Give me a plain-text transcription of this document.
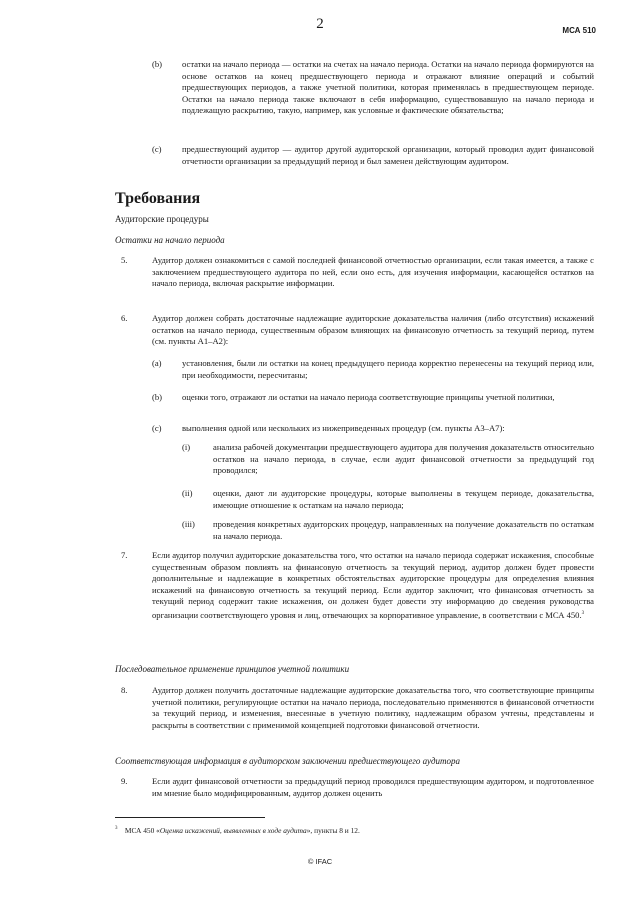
2	МСА 510
(b) остатки на начало периода — остатки на счетах на начало периода. Остатки на начало периода формируются на основе остатков на конец предшествующего периода и отражают влияние операций и событий предшествующих периодов, а также учетной политики, которая применялась в предшествующем периоде. Остатки на начало периода также включают в себя информацию, существовавшую на начало периода и подлежащую раскрытию, такую, например, как условные и фактические обязательства;
(c) предшествующий аудитор — аудитор другой аудиторской организации, который проводил аудит финансовой отчетности организации за предыдущий период и был заменен действующим аудитором.
Требования
Аудиторские процедуры
Остатки на начало периода
5.	Аудитор должен ознакомиться с самой последней финансовой отчетностью организации, если такая имеется, а также с заключением предшествующего аудитора по ней, если оно есть, для изучения информации, касающейся остатков на начало периода, включая раскрытие информации.
6.	Аудитор должен собрать достаточные надлежащие аудиторские доказательства наличия (либо отсутствия) искажений остатков на начало периода, существенным образом влияющих на финансовую отчетность за текущий период, путем (см. пункты А1–А2):
(a) установления, были ли остатки на конец предыдущего периода корректно перенесены на текущий период или, при необходимости, пересчитаны;
(b) оценки того, отражают ли остатки на начало периода соответствующие принципы учетной политики,
(c) выполнения одной или нескольких из нижеприведенных процедур (см. пункты А3–А7):
(i)	анализа рабочей документации предшествующего аудитора для получения доказательств относительно остатков на начало периода, в случае, если аудит финансовой отчетности за предыдущий год проводился;
(ii) оценки, дают ли аудиторские процедуры, которые выполнены в текущем периоде, доказательства, имеющие отношение к остаткам на начало периода;
(iii) проведения конкретных аудиторских процедур, направленных на получение доказательств по остаткам на начало периода.
7.	Если аудитор получил аудиторские доказательства того, что остатки на начало периода содержат искажения, способные существенным образом повлиять на финансовую отчетность за текущий период, аудитор должен будет провести дополнительные и надлежащие в конкретных обстоятельствах аудиторские процедуры для определения влияния искажений на финансовую отчетность за текущий период. Если аудитор заключит, что финансовая отчетность за текущий период содержит такие искажения, он должен будет довести эту информацию до сведения руководства организации соответствующего уровня и лиц, отвечающих за корпоративное управление, в соответствии с МСА 450.$^3$
Последовательное применение принципов учетной политики
8.	Аудитор должен получить достаточные надлежащие аудиторские доказательства того, что соответствующие принципы учетной политики, регулирующие остатки на начало периода, последовательно применяются в финансовой отчетности за текущий период, и изменения, внесенные в учетную политику, надлежащим образом учтены, представлены и раскрыты в соответствии с применимой концепцией подготовки финансовой отчетности.
Соответствующая информация в аудиторском заключении предшествующего аудитора
9.	Если аудит финансовой отчетности за предыдущий период проводился предшествующим аудитором, и подготовленное им мнение было модифицированным, аудитор должен оценить
$^3$ МСА 450 «Оценка искажений, выявленных в ходе аудита», пункты 8 и 12.
© IFAC
